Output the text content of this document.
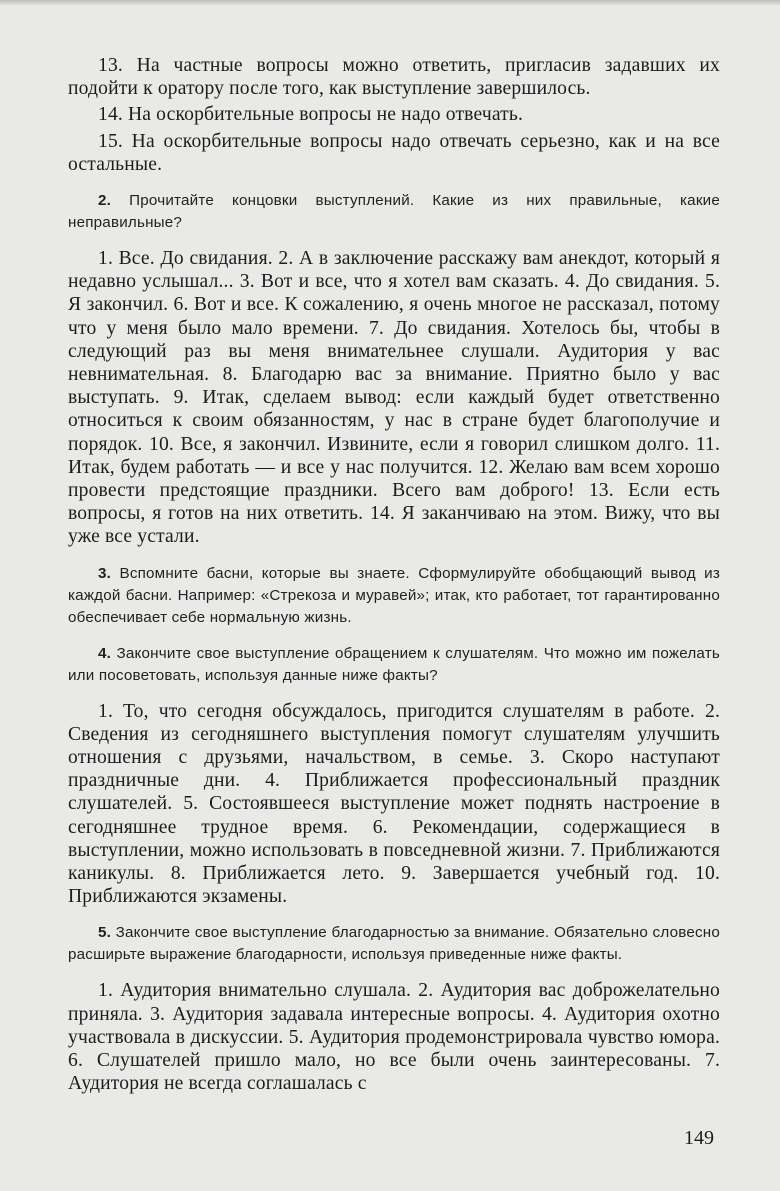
13. На частные вопросы можно ответить, пригласив задавших их подойти к оратору после того, как выступление завершилось.

14. На оскорбительные вопросы не надо отвечать.

15. На оскорбительные вопросы надо отвечать серьезно, как и на все остальные.

2. Прочитайте концовки выступлений. Какие из них правильные, какие неправильные?

1. Все. До свидания. 2. А в заключение расскажу вам анекдот, который я недавно услышал... 3. Вот и все, что я хотел вам сказать. 4. До свидания. 5. Я закончил. 6. Вот и все. К сожалению, я очень многое не рассказал, потому что у меня было мало времени. 7. До свидания. Хотелось бы, чтобы в следующий раз вы меня внимательнее слушали. Аудитория у вас невнимательная. 8. Благодарю вас за внимание. Приятно было у вас выступать. 9. Итак, сделаем вывод: если каждый будет ответственно относиться к своим обязанностям, у нас в стране будет благополучие и порядок. 10. Все, я закончил. Извините, если я говорил слишком долго. 11. Итак, будем работать — и все у нас получится. 12. Желаю вам всем хорошо провести предстоящие праздники. Всего вам доброго! 13. Если есть вопросы, я готов на них ответить. 14. Я заканчиваю на этом. Вижу, что вы уже все устали.

3. Вспомните басни, которые вы знаете. Сформулируйте обобщающий вывод из каждой басни. Например: «Стрекоза и муравей»; итак, кто работает, тот гарантированно обеспечивает себе нормальную жизнь.

4. Закончите свое выступление обращением к слушателям. Что можно им пожелать или посоветовать, используя данные ниже факты?

1. То, что сегодня обсуждалось, пригодится слушателям в работе. 2. Сведения из сегодняшнего выступления помогут слушателям улучшить отношения с друзьями, начальством, в семье. 3. Скоро наступают праздничные дни. 4. Приближается профессиональный праздник слушателей. 5. Состоявшееся выступление может поднять настроение в сегодняшнее трудное время. 6. Рекомендации, содержащиеся в выступлении, можно использовать в повседневной жизни. 7. Приближаются каникулы. 8. Приближается лето. 9. Завершается учебный год. 10. Приближаются экзамены.

5. Закончите свое выступление благодарностью за внимание. Обязательно словесно расширьте выражение благодарности, используя приведенные ниже факты.

1. Аудитория внимательно слушала. 2. Аудитория вас доброжелательно приняла. 3. Аудитория задавала интересные вопросы. 4. Аудитория охотно участвовала в дискуссии. 5. Аудитория продемонстрировала чувство юмора. 6. Слушателей пришло мало, но все были очень заинтересованы. 7. Аудитория не всегда соглашалась с

149
